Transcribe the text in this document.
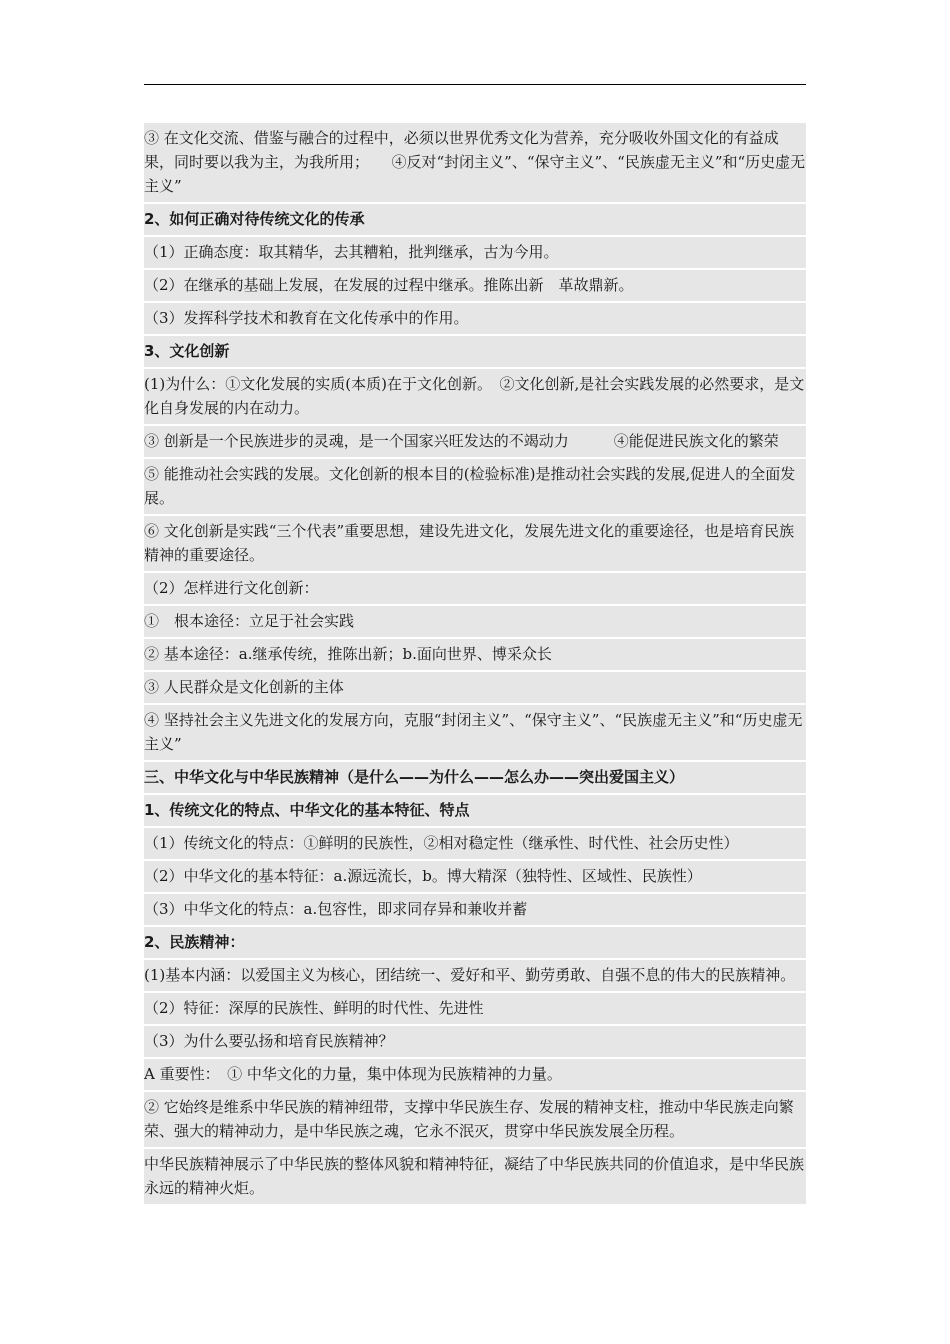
③ 在文化交流、借鉴与融合的过程中，必须以世界优秀文化为营养，充分吸收外国文化的有益成果，同时要以我为主，为我所用；　　④反对“封闭主义”、“保守主义”、“民族虚无主义”和“历史虚无主义”
2、如何正确对待传统文化的传承
（1）正确态度：取其精华，去其糟粕，批判继承，古为今用。
（2）在继承的基础上发展，在发展的过程中继承。推陈出新　革故鼎新。
（3）发挥科学技术和教育在文化传承中的作用。
3、文化创新
(1)为什么：①文化发展的实质(本质)在于文化创新。　②文化创新,是社会实践发展的必然要求，是文化自身发展的内在动力。
③ 创新是一个民族进步的灵魂，是一个国家兴旺发达的不竭动力　　　④能促进民族文化的繁荣
⑤ 能推动社会实践的发展。文化创新的根本目的(检验标准)是推动社会实践的发展,促进人的全面发展。
⑥ 文化创新是实践“三个代表”重要思想，建设先进文化，发展先进文化的重要途径，也是培育民族精神的重要途径。
（2）怎样进行文化创新：
①　根本途径：立足于社会实践
② 基本途径：a.继承传统，推陈出新；b.面向世界、博采众长
③ 人民群众是文化创新的主体
④ 坚持社会主义先进文化的发展方向，克服“封闭主义”、“保守主义”、“民族虚无主义”和“历史虚无主义”
三、中华文化与中华民族精神（是什么——为什么——怎么办——突出爱国主义）
1、传统文化的特点、中华文化的基本特征、特点
（1）传统文化的特点：①鲜明的民族性，②相对稳定性（继承性、时代性、社会历史性）
（2）中华文化的基本特征：a.源远流长，b。博大精深（独特性、区域性、民族性）
（3）中华文化的特点：a.包容性，即求同存异和兼收并蓄
2、民族精神：
(1)基本内涵：以爱国主义为核心，团结统一、爱好和平、勤劳勇敢、自强不息的伟大的民族精神。
（2）特征：深厚的民族性、鲜明的时代性、先进性
（3）为什么要弘扬和培育民族精神？
A 重要性：　① 中华文化的力量，集中体现为民族精神的力量。
② 它始终是维系中华民族的精神纽带，支撑中华民族生存、发展的精神支柱，推动中华民族走向繁荣、强大的精神动力，是中华民族之魂，它永不泯灭，贯穿中华民族发展全历程。
中华民族精神展示了中华民族的整体风貌和精神特征，凝结了中华民族共同的价值追求，是中华民族永远的精神火炬。
